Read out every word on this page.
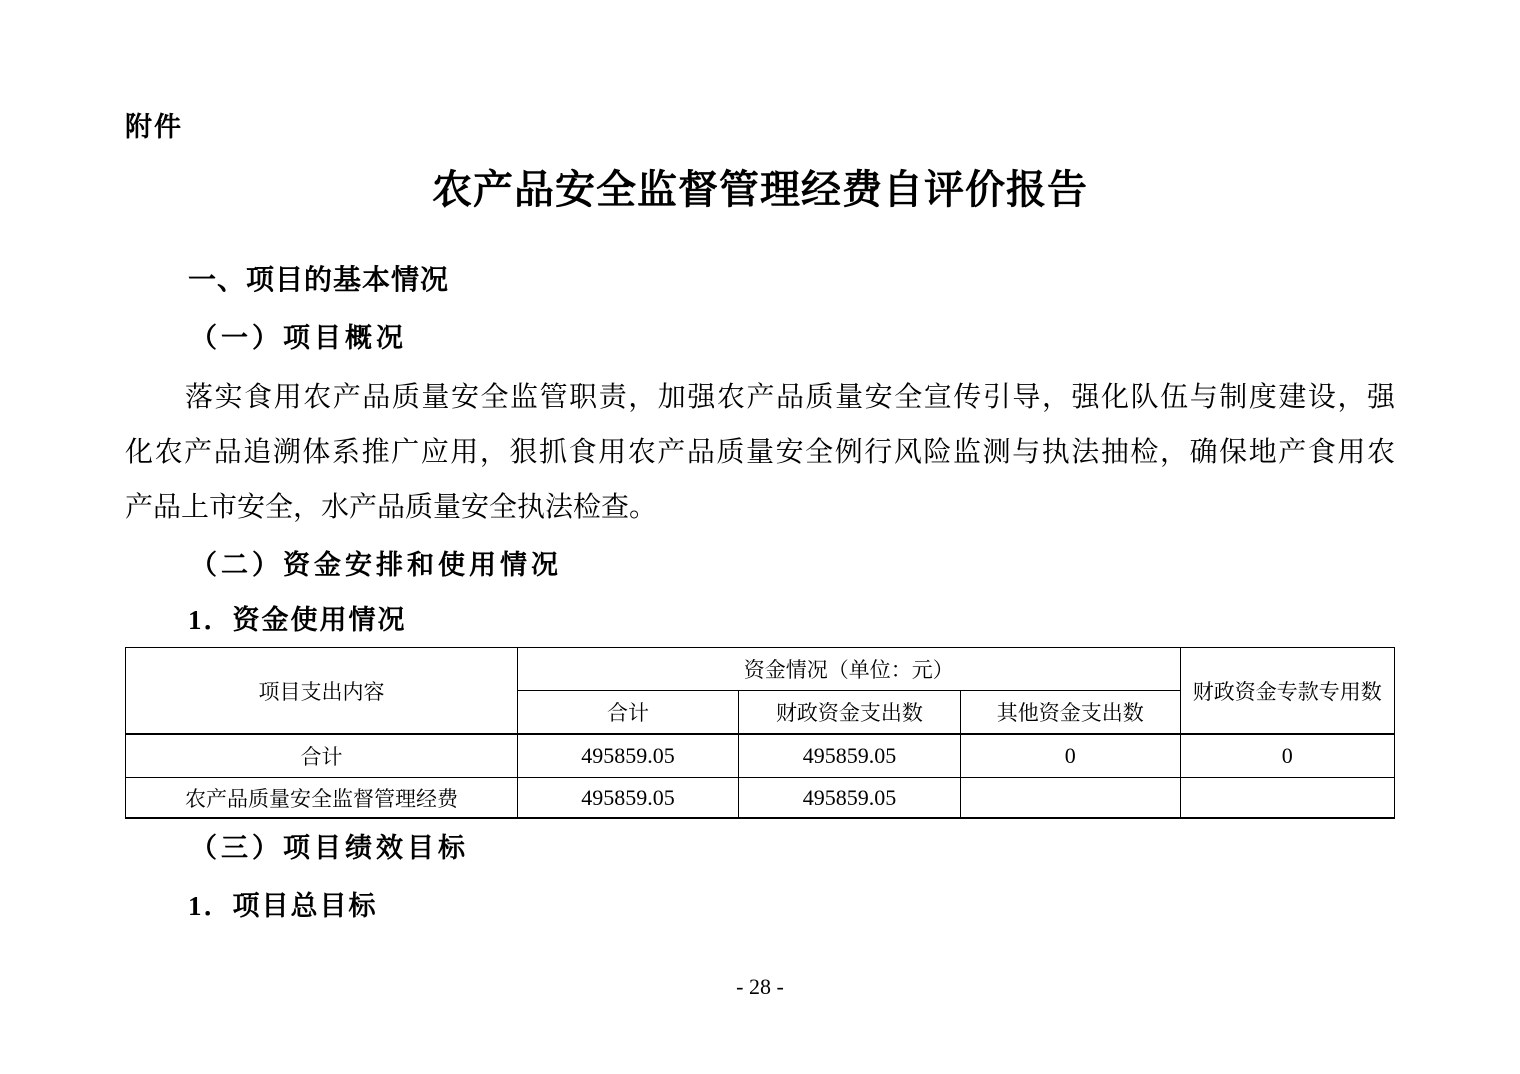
附件
农产品安全监督管理经费自评价报告
一、项目的基本情况
（一）项目概况
落实食用农产品质量安全监管职责，加强农产品质量安全宣传引导，强化队伍与制度建设，强
化农产品追溯体系推广应用，狠抓食用农产品质量安全例行风险监测与执法抽检，确保地产食用农
产品上市安全，水产品质量安全执法检查。
（二）资金安排和使用情况
1．资金使用情况
项目支出内容	资金情况（单位：元）			财政资金专款专用数
	合计	财政资金支出数	其他资金支出数	
合计	495859.05	495859.05	0	0
农产品质量安全监督管理经费	495859.05	495859.05		
（三）项目绩效目标
1．项目总目标
- 28 -
